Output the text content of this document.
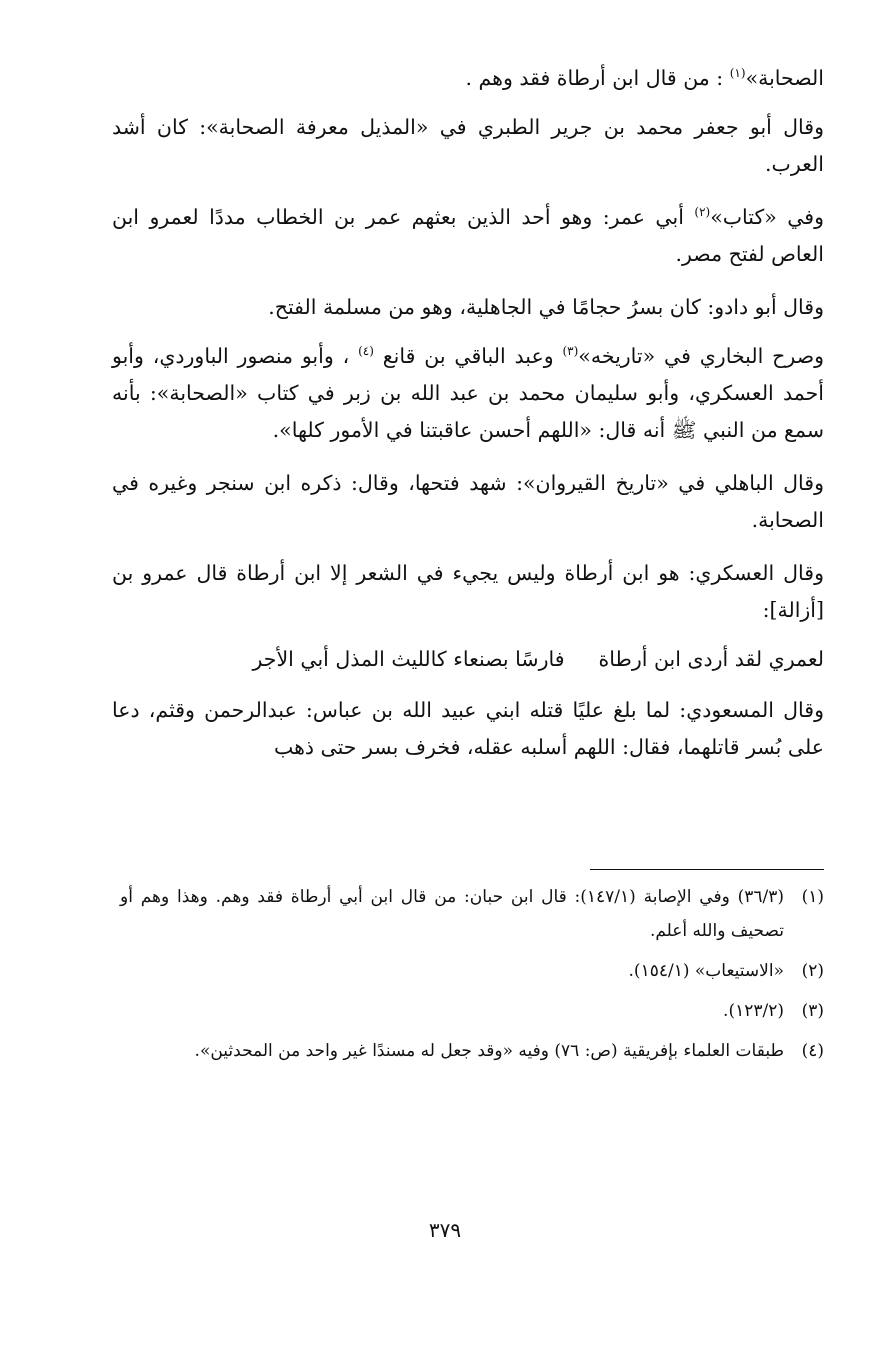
الصحابة»$^{(١)}$ : من قال ابن أرطاة فقد وهم .

وقال أبو جعفر محمد بن جرير الطبري في «المذيل معرفة الصحابة»: كان أشد العرب.

وفي «كتاب»$^{(٢)}$ أبي عمر: وهو أحد الذين بعثهم عمر بن الخطاب مددًا لعمرو ابن العاص لفتح مصر.

وقال أبو دادو: كان بسرُ حجامًا في الجاهلية، وهو من مسلمة الفتح.

وصرح البخاري في «تاريخه»$^{(٣)}$ وعبد الباقي بن قانع $^{(٤)}$ ، وأبو منصور الباوردي، وأبو أحمد العسكري، وأبو سليمان محمد بن عبد الله بن زبر في كتاب «الصحابة»: بأنه سمع من النبي ﷺ أنه قال: «اللهم أحسن عاقبتنا في الأمور كلها».

وقال الباهلي في «تاريخ القيروان»: شهد فتحها، وقال: ذكره ابن سنجر وغيره في الصحابة.

وقال العسكري: هو ابن أرطاة وليس يجيء في الشعر إلا ابن أرطاة قال عمرو بن [أزالة]:

لعمري لقد أردى ابن أرطاة
فارسًا بصنعاء كالليث المذل أبي الأجر

وقال المسعودي: لما بلغ عليًا قتله ابني عبيد الله بن عباس: عبدالرحمن وقثم، دعا على بُسر قاتلهما، فقال: اللهم أسلبه عقله، فخرف بسر حتى ذهب

(١)
(٣٦/٣) وفي الإصابة (١٤٧/١): قال ابن حبان: من قال ابن أبي أرطاة فقد وهم. وهذا وهم أو تصحيف والله أعلم.
(٢)
«الاستيعاب» (١٥٤/١).
(٣)
(١٢٣/٢).
(٤)
طبقات العلماء بإفريقية (ص: ٧٦) وفيه «وقد جعل له مسندًا غير واحد من المحدثين».
٣٧٩
